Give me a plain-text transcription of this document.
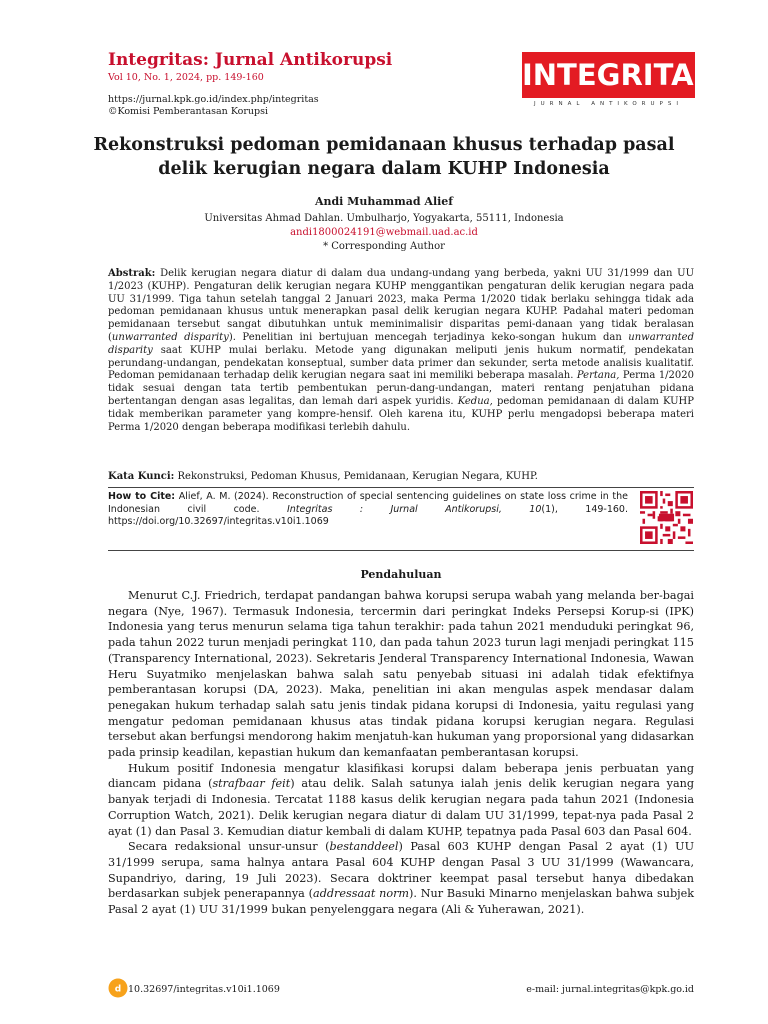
Integritas: Jurnal Antikorupsi
Vol 10, No. 1, 2024, pp. 149-160
https://jurnal.kpk.go.id/index.php/integritas
©Komisi Pemberantasan Korupsi
INTEGRITAS
JURNAL ANTIKORUPSI
Rekonstruksi pedoman pemidanaan khusus terhadap pasal
delik kerugian negara dalam KUHP Indonesia
Andi Muhammad Alief
Universitas Ahmad Dahlan. Umbulharjo, Yogyakarta, 55111, Indonesia
andi1800024191@webmail.uad.ac.id
* Corresponding Author
Abstrak: Delik kerugian negara diatur di dalam dua undang-undang yang berbeda, yakni UU 31/1999 dan UU 1/2023 (KUHP). Pengaturan delik kerugian negara KUHP menggantikan pengaturan delik kerugian negara pada UU 31/1999. Tiga tahun setelah tanggal 2 Januari 2023, maka Perma 1/2020 tidak berlaku sehingga tidak ada pedoman pemidanaan khusus untuk menerapkan pasal delik kerugian negara KUHP. Padahal materi pedoman pemidanaan tersebut sangat dibutuhkan untuk meminimalisir disparitas pemi-danaan yang tidak beralasan (unwarranted disparity). Penelitian ini bertujuan mencegah terjadinya keko-songan hukum dan unwarranted disparity saat KUHP mulai berlaku. Metode yang digunakan meliputi jenis hukum normatif, pendekatan perundang-undangan, pendekatan konseptual, sumber data primer dan sekunder, serta metode analisis kualitatif. Pedoman pemidanaan terhadap delik kerugian negara saat ini memiliki beberapa masalah. Pertana, Perma 1/2020 tidak sesuai dengan tata tertib pembentukan perun-dang-undangan, materi rentang penjatuhan pidana bertentangan dengan asas legalitas, dan lemah dari aspek yuridis. Kedua, pedoman pemidanaan di dalam KUHP tidak memberikan parameter yang kompre-hensif. Oleh karena itu, KUHP perlu mengadopsi beberapa materi Perma 1/2020 dengan beberapa modifikasi terlebih dahulu.
Kata Kunci: Rekonstruksi, Pedoman Khusus, Pemidanaan, Kerugian Negara, KUHP.
How to Cite: Alief, A. M. (2024). Reconstruction of special sentencing guidelines on state loss crime in the Indonesian civil code. Integritas : Jurnal Antikorupsi, 10(1), 149-160. https://doi.org/10.32697/integritas.v10i1.1069
Pendahuluan

Menurut C.J. Friedrich, terdapat pandangan bahwa korupsi serupa wabah yang melanda ber-bagai negara (Nye, 1967). Termasuk Indonesia, tercermin dari peringkat Indeks Persepsi Korup-si (IPK) Indonesia yang terus menurun selama tiga tahun terakhir: pada tahun 2021 menduduki peringkat 96, pada tahun 2022 turun menjadi peringkat 110, dan pada tahun 2023 turun lagi menjadi peringkat 115 (Transparency International, 2023). Sekretaris Jenderal Transparency International Indonesia, Wawan Heru Suyatmiko menjelaskan bahwa salah satu penyebab situasi ini adalah tidak efektifnya pemberantasan korupsi (DA, 2023). Maka, penelitian ini akan mengulas aspek mendasar dalam penegakan hukum terhadap salah satu jenis tindak pidana korupsi di Indonesia, yaitu regulasi yang mengatur pedoman pemidanaan khusus atas tindak pidana korupsi kerugian negara. Regulasi tersebut akan berfungsi mendorong hakim menjatuh-kan hukuman yang proporsional yang didasarkan pada prinsip keadilan, kepastian hukum dan kemanfaatan pemberantasan korupsi.

Hukum positif Indonesia mengatur klasifikasi korupsi dalam beberapa jenis perbuatan yang diancam pidana (strafbaar feit) atau delik. Salah satunya ialah jenis delik kerugian negara yang banyak terjadi di Indonesia. Tercatat 1188 kasus delik kerugian negara pada tahun 2021 (Indonesia Corruption Watch, 2021). Delik kerugian negara diatur di dalam UU 31/1999, tepat-nya pada Pasal 2 ayat (1) dan Pasal 3. Kemudian diatur kembali di dalam KUHP, tepatnya pada Pasal 603 dan Pasal 604.

Secara redaksional unsur-unsur (bestanddeel) Pasal 603 KUHP dengan Pasal 2 ayat (1) UU 31/1999 serupa, sama halnya antara Pasal 604 KUHP dengan Pasal 3 UU 31/1999 (Wawancara, Supandriyo, daring, 19 Juli 2023). Secara doktriner keempat pasal tersebut hanya dibedakan berdasarkan subjek penerapannya (addressaat norm). Nur Basuki Minarno menjelaskan bahwa subjek Pasal 2 ayat (1) UU 31/1999 bukan penyelenggara negara (Ali & Yuherawan, 2021).

d 10.32697/integritas.v10i1.1069	e-mail: jurnal.integritas@kpk.go.id
